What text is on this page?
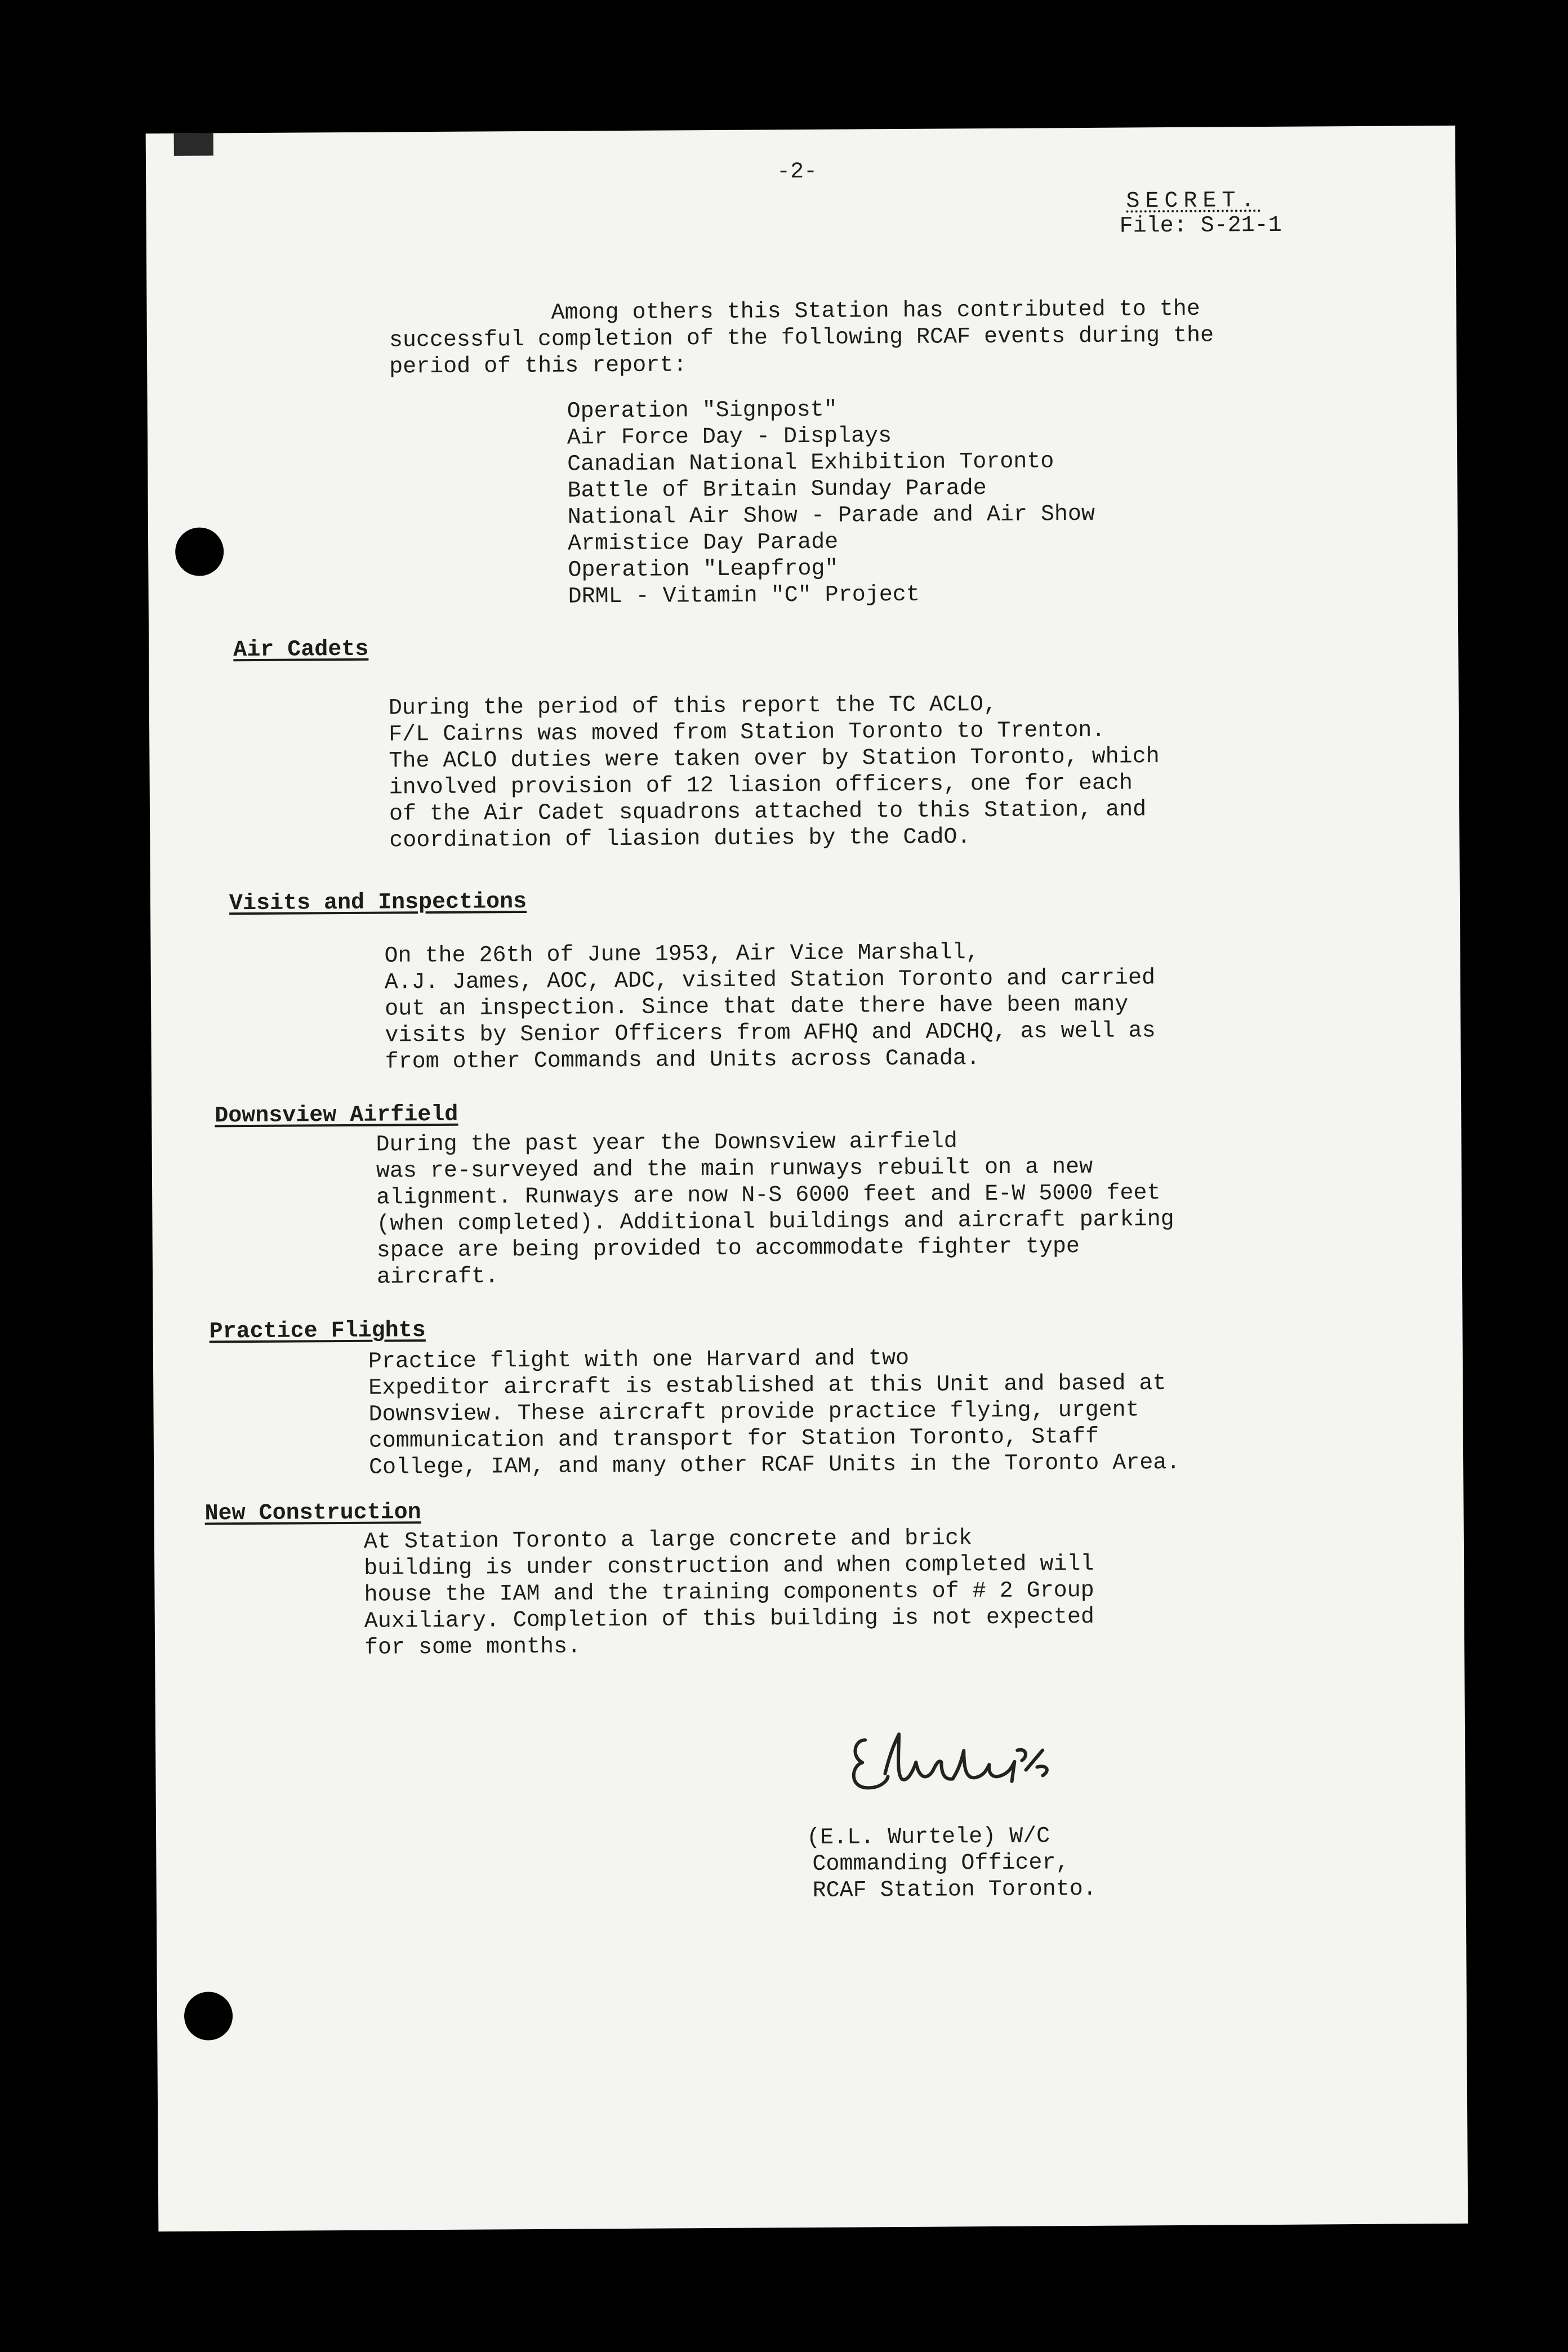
-2-
SECRET.
File: S-21-1
Among others this Station has contributed to the
successful completion of the following RCAF events during the
period of this report:
Operation "Signpost"
Air Force Day - Displays
Canadian National Exhibition Toronto
Battle of Britain Sunday Parade
National Air Show - Parade and Air Show
Armistice Day Parade
Operation "Leapfrog"
DRML - Vitamin "C" Project
Air Cadets
During the period of this report the TC ACLO,
F/L Cairns was moved from Station Toronto to Trenton.
The ACLO duties were taken over by Station Toronto, which
involved provision of 12 liasion officers, one for each
of the Air Cadet squadrons attached to this Station, and
coordination of liasion duties by the CadO.
Visits and Inspections
On the 26th of June 1953, Air Vice Marshall,
A.J. James, AOC, ADC, visited Station Toronto and carried
out an inspection. Since that date there have been many
visits by Senior Officers from AFHQ and ADCHQ, as well as
from other Commands and Units across Canada.
Downsview Airfield
During the past year the Downsview airfield
was re-surveyed and the main runways rebuilt on a new
alignment. Runways are now N-S 6000 feet and E-W 5000 feet
(when completed). Additional buildings and aircraft parking
space are being provided to accommodate fighter type
aircraft.
Practice Flights
Practice flight with one Harvard and two
Expeditor aircraft is established at this Unit and based at
Downsview. These aircraft provide practice flying, urgent
communication and transport for Station Toronto, Staff
College, IAM, and many other RCAF Units in the Toronto Area.
New Construction
At Station Toronto a large concrete and brick
building is under construction and when completed will
house the IAM and the training components of # 2 Group
Auxiliary. Completion of this building is not expected
for some months.
(E.L. Wurtele) W/C
Commanding Officer,
RCAF Station Toronto.
